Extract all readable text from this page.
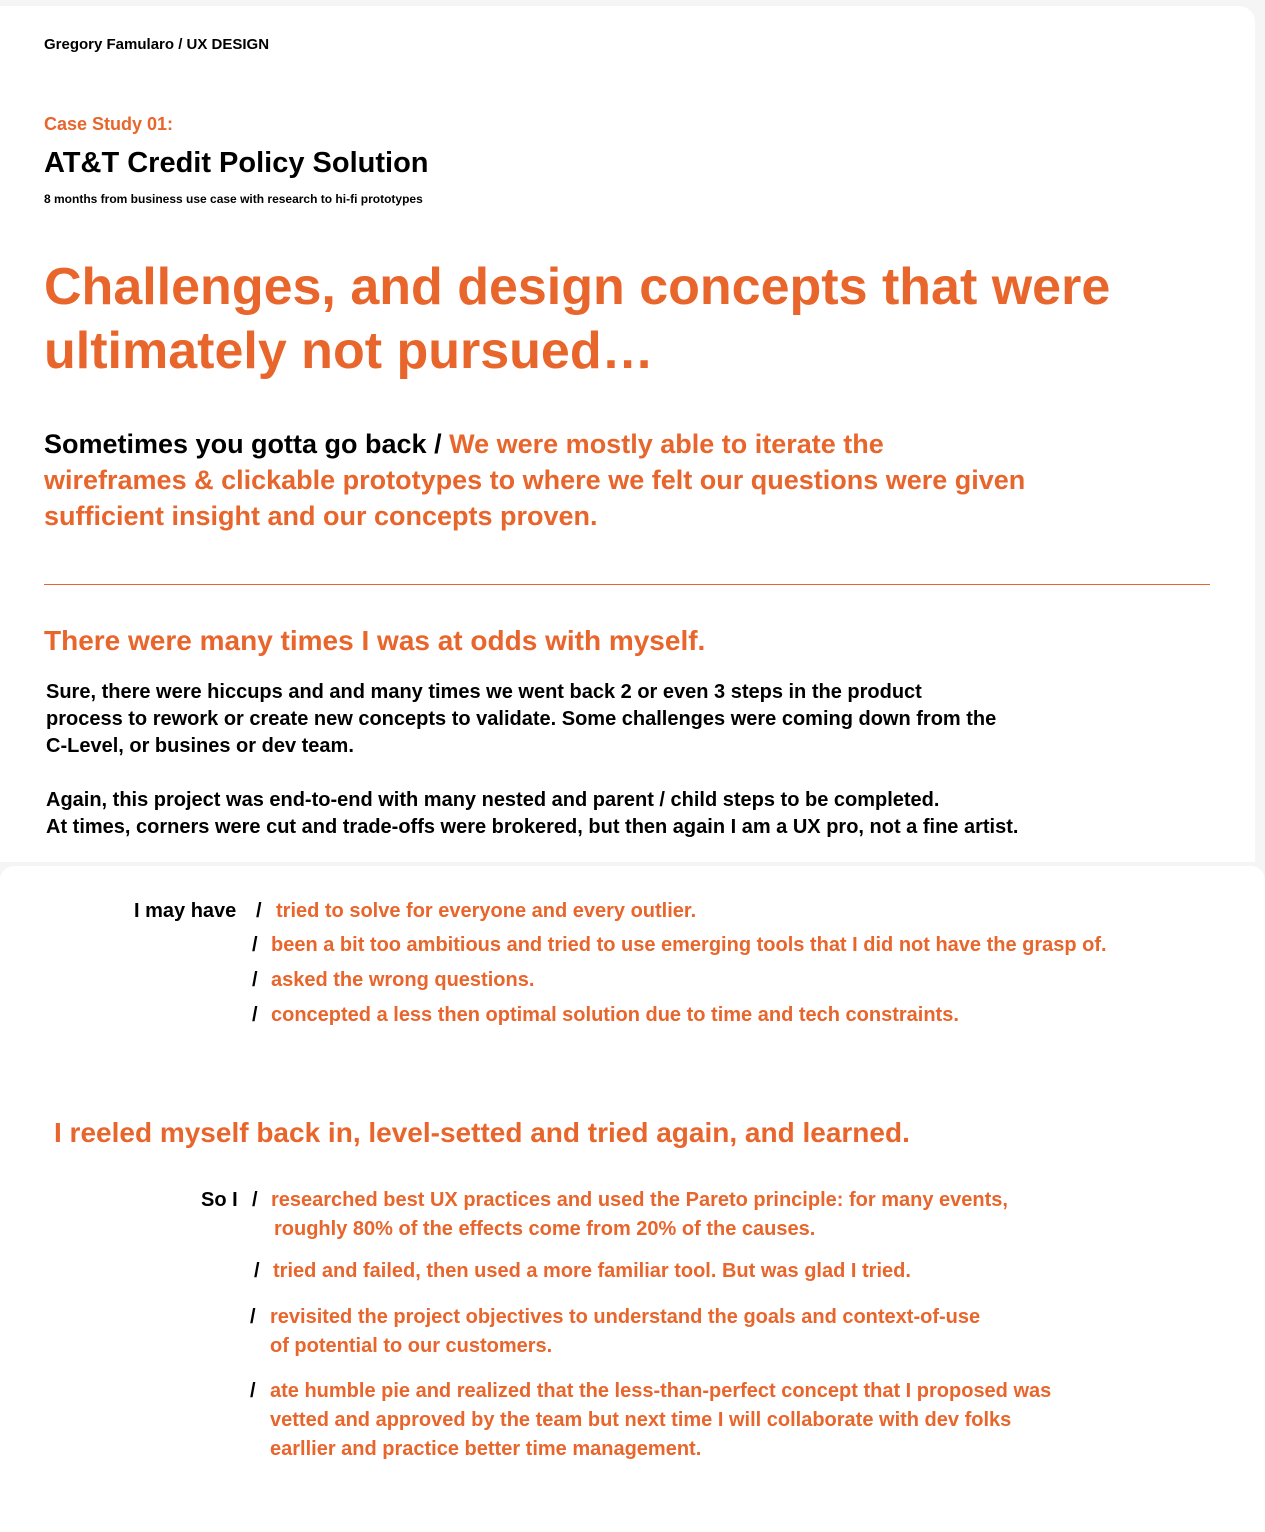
Gregory Famularo / UX DESIGN
Case Study 01:
AT&T Credit Policy Solution
8 months from business use case with research to hi-fi prototypes
Challenges, and design concepts that were
ultimately not pursued…
Sometimes you gotta go back / We were mostly able to iterate the
wireframes & clickable prototypes to where we felt our questions were given
sufficient insight and our concepts proven.
There were many times I was at odds with myself.
Sure, there were hiccups and and many times we went back 2 or even 3 steps in the product
process to rework or create new concepts to validate. Some challenges were coming down from the
C-Level, or busines or dev team.
Again, this project was end-to-end with many nested and parent / child steps to be completed.
At times, corners were cut and trade-offs were brokered, but then again I am a UX pro, not a fine artist.
I may have / tried to solve for everyone and every outlier.
/ been a bit too ambitious and tried to use emerging tools that I did not have the grasp of.
/ asked the wrong questions.
/ concepted a less then optimal solution due to time and tech constraints.
I reeled myself back in, level-setted and tried again, and learned.
So I / researched best UX practices and used the Pareto principle: for many events,
roughly 80% of the effects come from 20% of the causes.
/ tried and failed, then used a more familiar tool. But was glad I tried.
/ revisited the project objectives to understand the goals and context-of-use
of potential to our customers.
/ ate humble pie and realized that the less-than-perfect concept that I proposed was
vetted and approved by the team but next time I will collaborate with dev folks
earllier and practice better time management.
